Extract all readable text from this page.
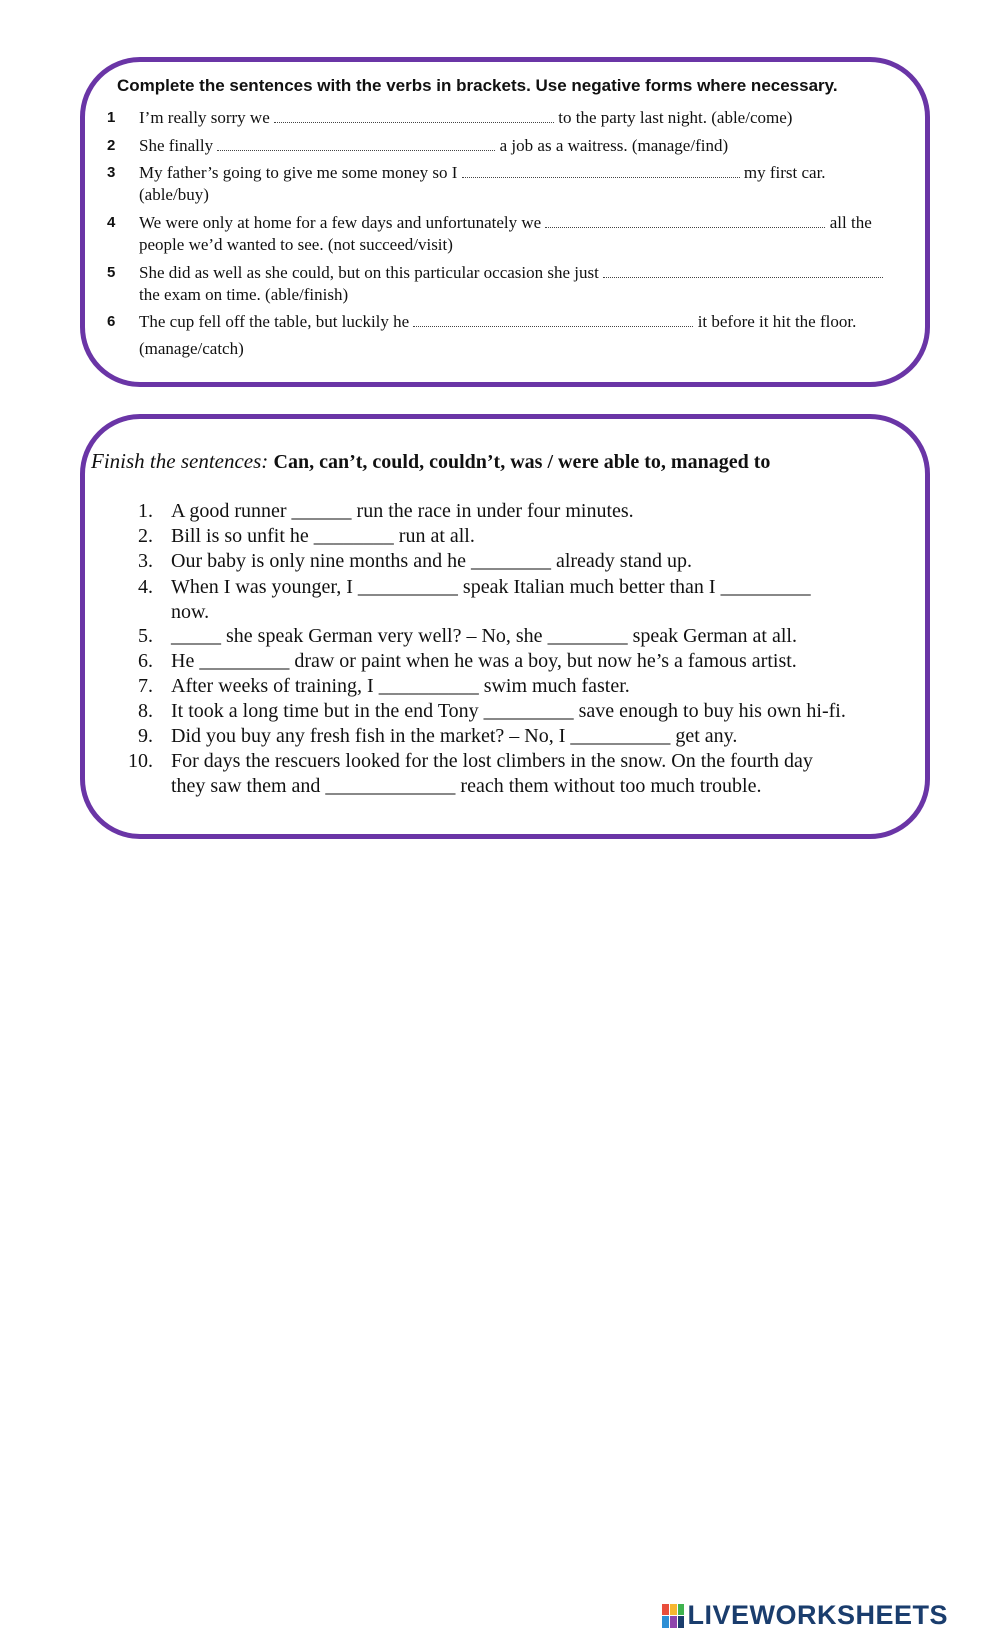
Complete the sentences with the verbs in brackets. Use negative forms where necessary.
1	I’m really sorry we	to the party last night. (able/come)
2	She finally	a job as a waitress. (manage/find)
3	My father’s going to give me some money so I	my first car.
(able/buy)
4	We were only at home for a few days and unfortunately we	all the
people we’d wanted to see. (not succeed/visit)
5	She did as well as she could, but on this particular occasion she just
the exam on time. (able/finish)
6	The cup fell off the table, but luckily he	it before it hit the floor.
(manage/catch)
Finish the sentences: Can, can’t, could, couldn’t, was / were able to, managed to
1. A good runner ______ run the race in under four minutes.
2. Bill is so unfit he ________ run at all.
3. Our baby is only nine months and he ________ already stand up.
4. When I was younger, I __________ speak Italian much better than I _________
now.
5. _____ she speak German very well? – No, she ________ speak German at all.
6. He _________ draw or paint when he was a boy, but now he’s a famous artist.
7. After weeks of training, I __________ swim much faster.
8. It took a long time but in the end Tony _________ save enough to buy his own hi-fi.
9. Did you buy any fresh fish in the market? – No, I __________ get any.
10. For days the rescuers looked for the lost climbers in the snow. On the fourth day
they saw them and _____________ reach them without too much trouble.
LIVEWORKSHEETS
